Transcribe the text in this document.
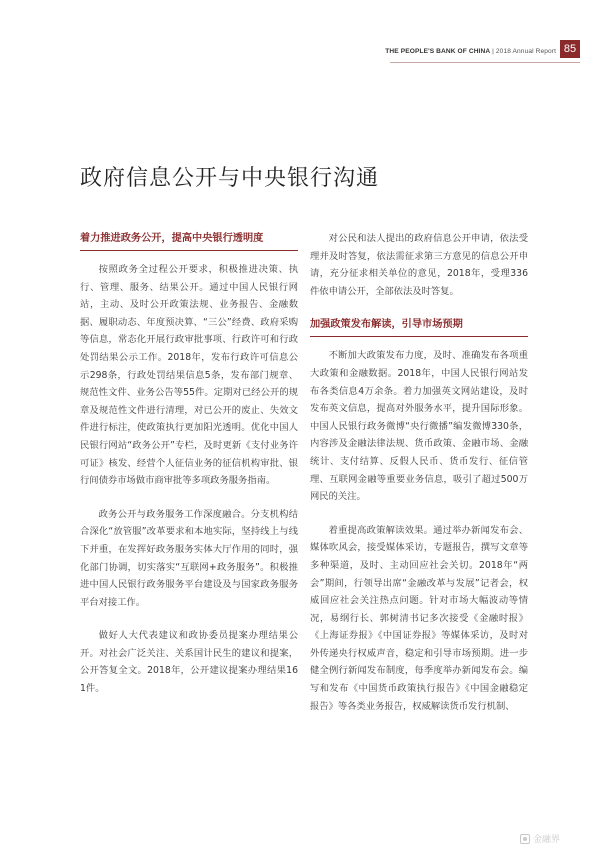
THE PEOPLE'S BANK OF CHINA | 2018 Annual Report 85
政府信息公开与中央银行沟通
着力推进政务公开，提高中央银行透明度

按照政务全过程公开要求，积极推进决策、执行、管理、服务、结果公开。通过中国人民银行网站，主动、及时公开政策法规、业务报告、金融数据、履职动态、年度预决算、“三公”经费、政府采购等信息，常态化开展行政审批事项、行政许可和行政处罚结果公示工作。2018年，发布行政许可信息公示298条，行政处罚结果信息5条，发布部门规章、规范性文件、业务公告等55件。定期对已经公开的规章及规范性文件进行清理，对已公开的废止、失效文件进行标注，使政策执行更加阳光透明。优化中国人民银行网站“政务公开”专栏，及时更新《支付业务许可证》核发、经营个人征信业务的征信机构审批、银行间债券市场做市商审批等多项政务服务指南。

政务公开与政务服务工作深度融合。分支机构结合深化“放管服”改革要求和本地实际，坚持线上与线下并重，在发挥好政务服务实体大厅作用的同时，强化部门协调，切实落实“互联网+政务服务”。积极推进中国人民银行政务服务平台建设及与国家政务服务平台对接工作。

做好人大代表建议和政协委员提案办理结果公开。对社会广泛关注、关系国计民生的建议和提案，公开答复全文。2018年，公开建议提案办理结果161件。

对公民和法人提出的政府信息公开申请，依法受理并及时答复，依法需征求第三方意见的信息公开申请，充分征求相关单位的意见，2018年，受理336件依申请公开，全部依法及时答复。

加强政策发布解读，引导市场预期

不断加大政策发布力度，及时、准确发布各项重大政策和金融数据。2018年，中国人民银行网站发布各类信息4万余条。着力加强英文网站建设，及时发布英文信息，提高对外服务水平，提升国际形象。中国人民银行政务微博“央行微播”编发微博330条，内容涉及金融法律法规、货币政策、金融市场、金融统计、支付结算、反假人民币、货币发行、征信管理、互联网金融等重要业务信息，吸引了超过500万网民的关注。

着重提高政策解读效果。通过举办新闻发布会、媒体吹风会，接受媒体采访，专题报告，撰写文章等多种渠道，及时、主动回应社会关切。2018年“两会”期间，行领导出席“金融改革与发展”记者会，权威回应社会关注热点问题。针对市场大幅波动等情况，易纲行长、郭树清书记多次接受《金融时报》《上海证券报》《中国证券报》等媒体采访，及时对外传递央行权威声音，稳定和引导市场预期。进一步健全例行新闻发布制度，每季度举办新闻发布会。编写和发布《中国货币政策执行报告》《中国金融稳定报告》等各类业务报告，权威解读货币发行机制、

金融界
